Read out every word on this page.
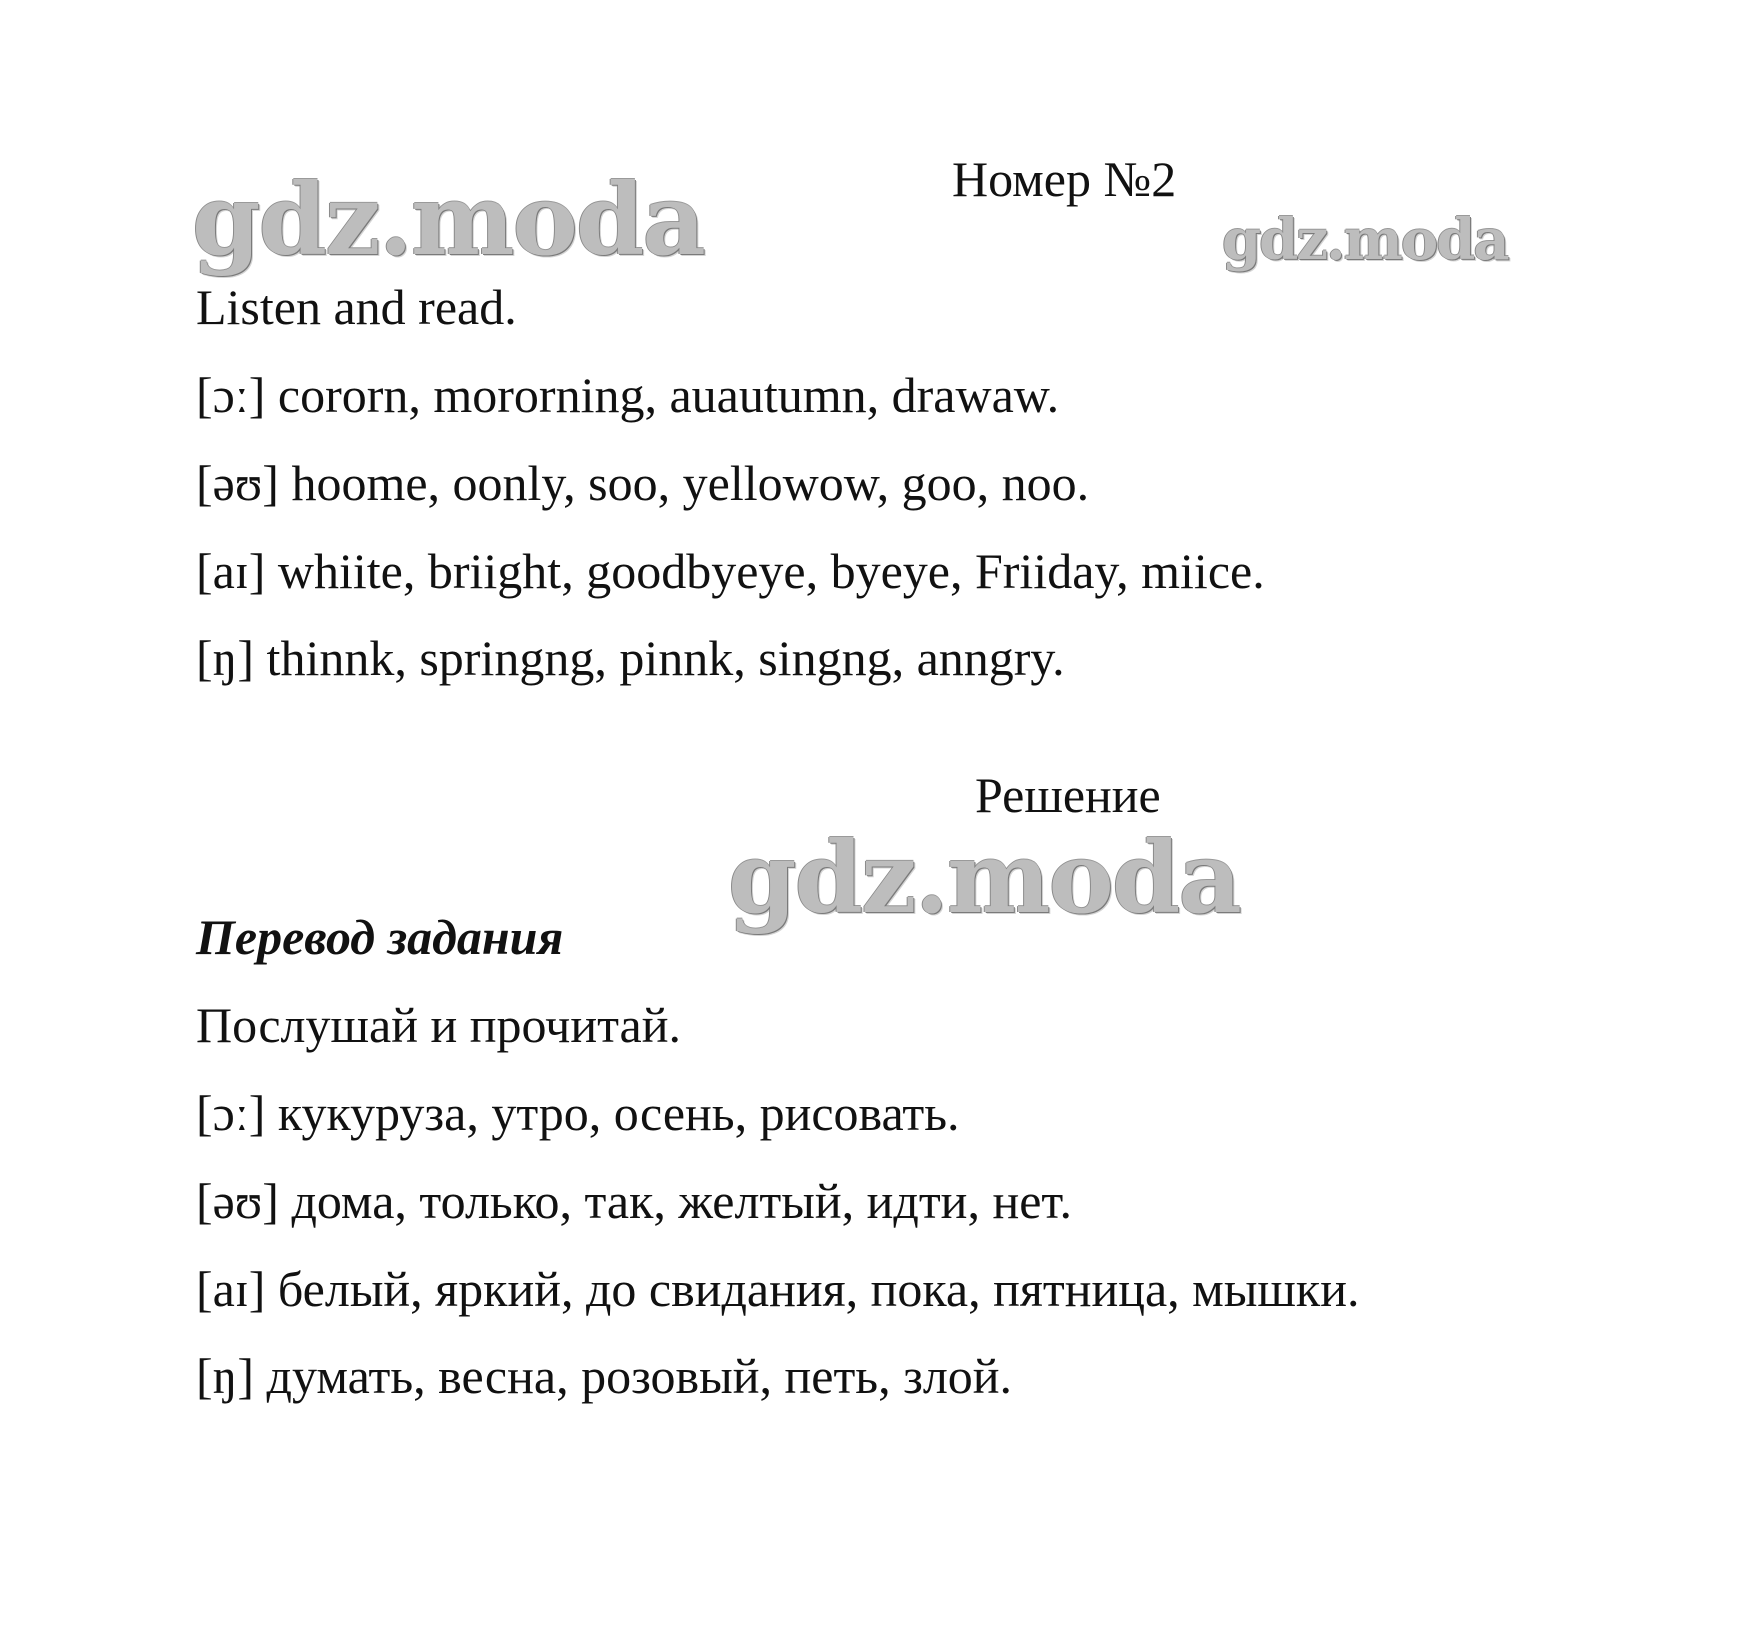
gdz.moda	Номер №2
gdz.moda
Listen and read.
[ɔː] cororn, mororning, auautumn, drawaw.
[əʊ] hoome, oonly, soo, yellowow, goo, noo.
[aɪ] whiite, briight, goodbyeye, byeye, Friiday, miice.
[ŋ] thinnk, springng, pinnk, singng, anngry.
Решение
gdz.moda
Перевод задания
Послушай и прочитай.
[ɔː] кукуруза, утро, осень, рисовать.
[əʊ] дома, только, так, желтый, идти, нет.
[aɪ] белый, яркий, до свидания, пока, пятница, мышки.
[ŋ] думать, весна, розовый, петь, злой.
